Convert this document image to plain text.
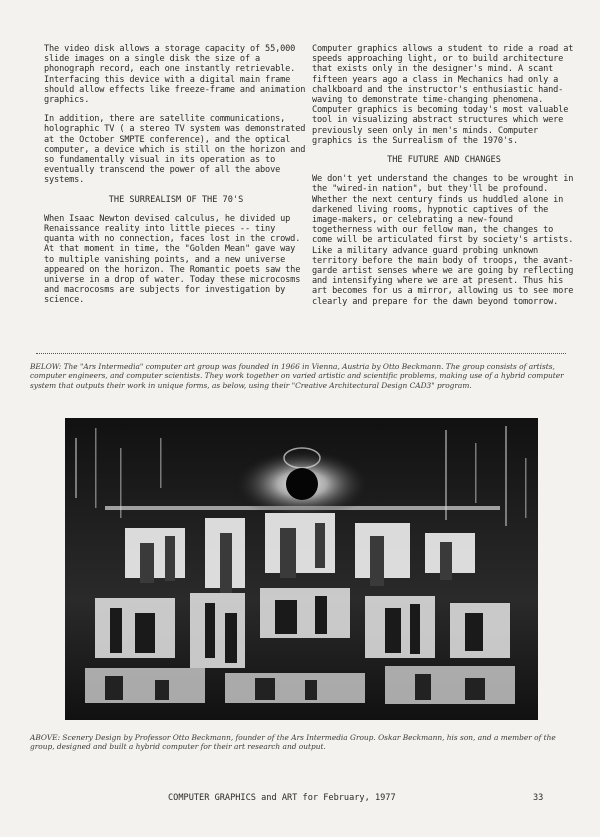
The video disk allows a storage capacity of 55,000 slide images on a single disk the size of a phonograph record, each one instantly retrievable. Interfacing this device with a digital main frame should allow effects like freeze-frame and animation graphics.

In addition, there are satellite communications, holographic TV ( a stereo TV system was demonstrated at the October SMPTE conference), and the optical computer, a device which is still on the horizon and so fundamentally visual in its operation as to eventually transcend the power of all the above systems.

THE SURREALISM OF THE 70'S

When Isaac Newton devised calculus, he divided up Renaissance reality into little pieces -- tiny quanta with no connection, faces lost in the crowd. At that moment in time, the "Golden Mean" gave way to multiple vanishing points, and a new universe appeared on the horizon. The Romantic poets saw the universe in a drop of water. Today these microcosms and macrocosms are subjects for investigation by science.

Computer graphics allows a student to ride a road at speeds approaching light, or to build architecture that exists only in the designer's mind. A scant fifteen years ago a class in Mechanics had only a chalkboard and the instructor's enthusiastic hand-waving to demonstrate time-changing phenomena. Computer graphics is becoming today's most valuable tool in visualizing abstract structures which were previously seen only in men's minds. Computer graphics is the Surrealism of the 1970's.

THE FUTURE AND CHANGES

We don't yet understand the changes to be wrought in the "wired-in nation", but they'll be profound. Whether the next century finds us huddled alone in darkened living rooms, hypnotic captives of the image-makers, or celebrating a new-found togetherness with our fellow man, the changes to come will be articulated first by society's artists. Like a military advance guard probing unknown territory before the main body of troops, the avant-garde artist senses where we are going by reflecting and intensifying where we are at present. Thus his art becomes for us a mirror, allowing us to see more clearly and prepare for the dawn beyond tomorrow.

BELOW: The "Ars Intermedia" computer art group was founded in 1966 in Vienna, Austria by Otto Beckmann. The group consists of artists, computer engineers, and computer scientists. They work together on varied artistic and scientific problems, making use of a hybrid computer system that outputs their work in unique forms, as below, using their "Creative Architectural Design CAD3" program.
ABOVE: Scenery Design by Professor Otto Beckmann, founder of the Ars Intermedia Group. Oskar Beckmann, his son, and a member of the group, designed and built a hybrid computer for their art research and output.
COMPUTER GRAPHICS and ART for February, 1977	33
